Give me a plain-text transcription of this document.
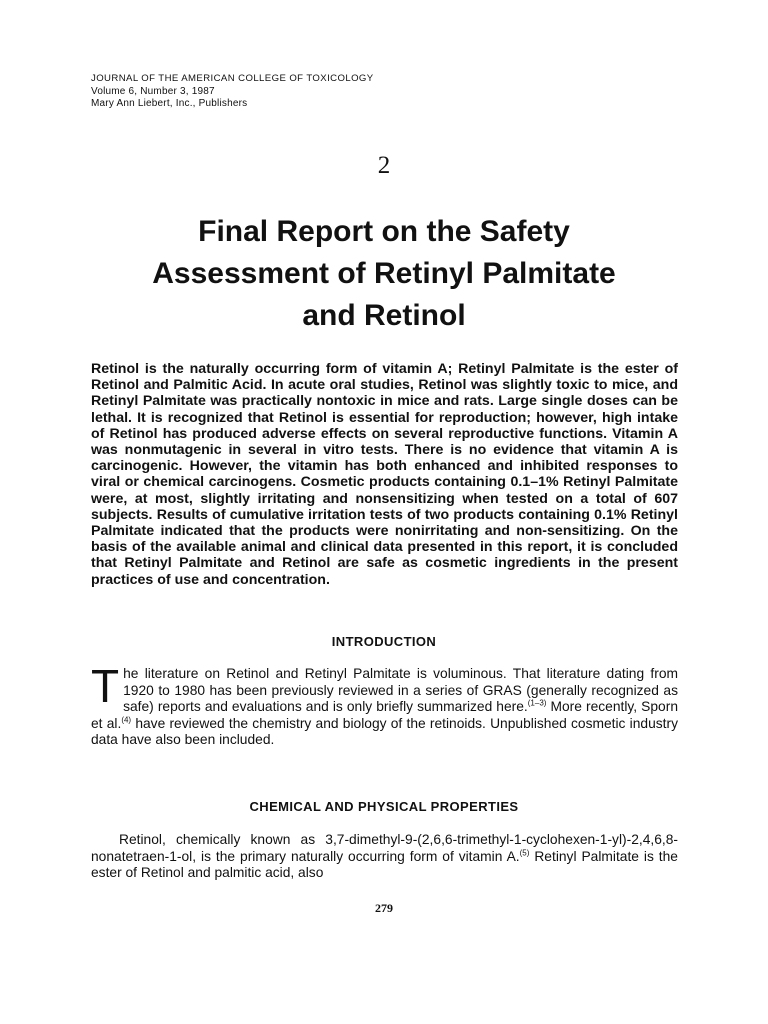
JOURNAL OF THE AMERICAN COLLEGE OF TOXICOLOGY
Volume 6, Number 3, 1987
Mary Ann Liebert, Inc., Publishers
2
Final Report on the Safety
Assessment of Retinyl Palmitate
and Retinol
Retinol is the naturally occurring form of vitamin A; Retinyl Palmitate is the ester of Retinol and Palmitic Acid. In acute oral studies, Retinol was slightly toxic to mice, and Retinyl Palmitate was practically nontoxic in mice and rats. Large single doses can be lethal. It is recognized that Retinol is essential for reproduction; however, high intake of Retinol has produced adverse effects on several reproductive functions. Vitamin A was nonmutagenic in several in vitro tests. There is no evidence that vitamin A is carcinogenic. However, the vitamin has both enhanced and inhibited responses to viral or chemical carcinogens. Cosmetic products containing 0.1–1% Retinyl Palmitate were, at most, slightly irritating and nonsensitizing when tested on a total of 607 subjects. Results of cumulative irritation tests of two products containing 0.1% Retinyl Palmitate indicated that the products were nonirritating and non-sensitizing. On the basis of the available animal and clinical data presented in this report, it is concluded that Retinyl Palmitate and Retinol are safe as cosmetic ingredients in the present practices of use and concentration.
INTRODUCTION
The literature on Retinol and Retinyl Palmitate is voluminous. That literature dating from 1920 to 1980 has been previously reviewed in a series of GRAS (generally recognized as safe) reports and evaluations and is only briefly summarized here.$^{(1-3)}$ More recently, Sporn et al.$^{(4)}$ have reviewed the chemistry and biology of the retinoids. Unpublished cosmetic industry data have also been included.
CHEMICAL AND PHYSICAL PROPERTIES
Retinol, chemically known as 3,7-dimethyl-9-(2,6,6-trimethyl-1-cyclohexen-1-yl)-2,4,6,8-nonatetraen-1-ol, is the primary naturally occurring form of vitamin A.$^{(5)}$ Retinyl Palmitate is the ester of Retinol and palmitic acid, also
279
